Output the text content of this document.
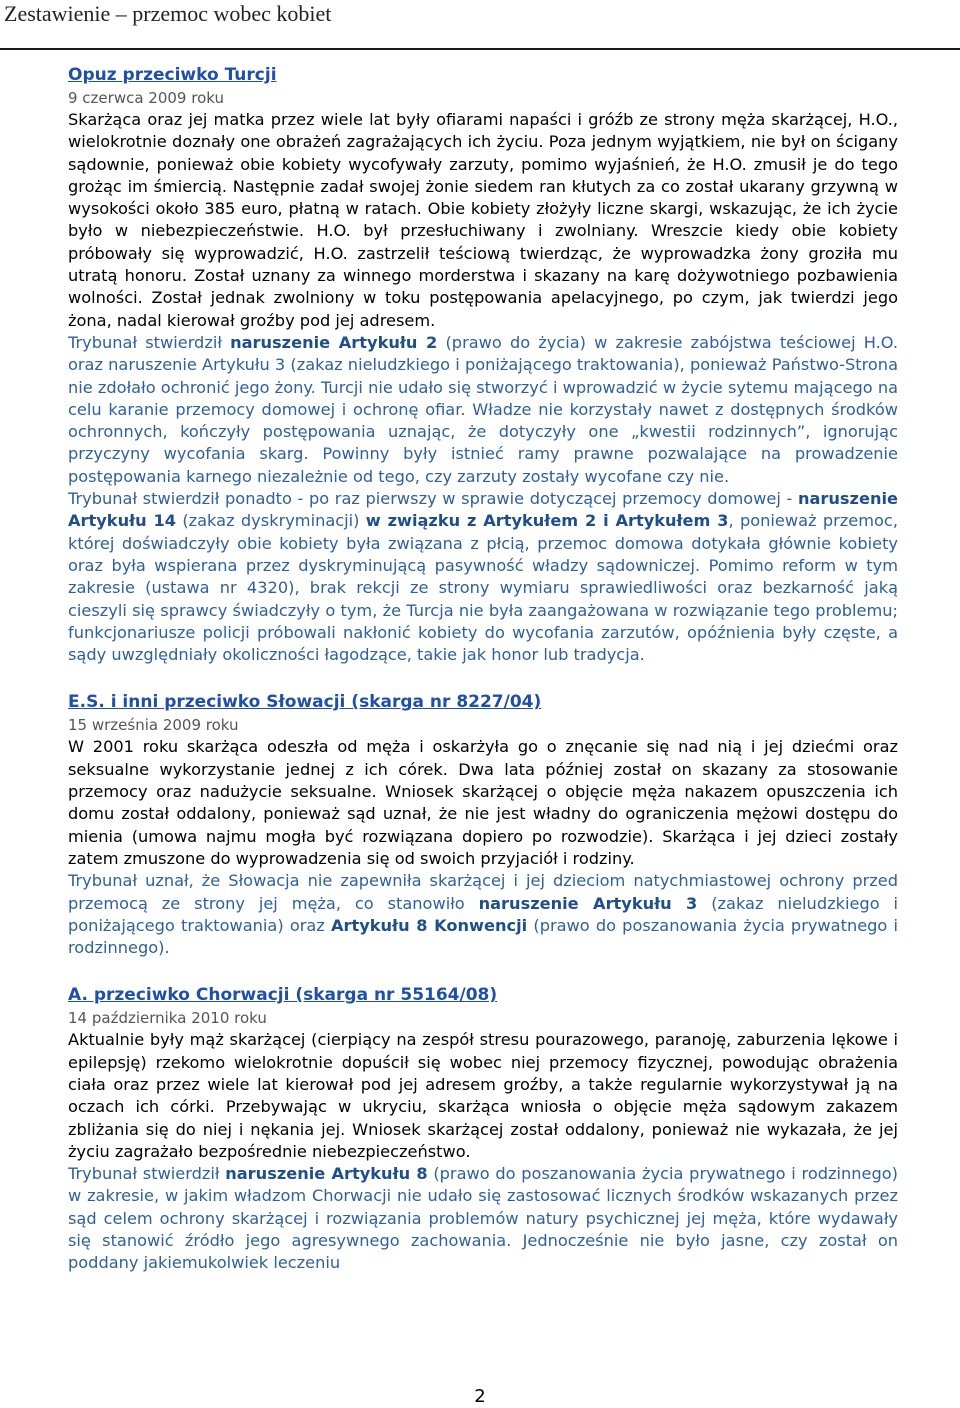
Zestawienie – przemoc wobec kobiet
Opuz przeciwko Turcji
9 czerwca 2009 roku

Skarżąca oraz jej matka przez wiele lat były ofiarami napaści i gróźb ze strony męża skarżącej, H.O., wielokrotnie doznały one obrażeń zagrażających ich życiu. Poza jednym wyjątkiem, nie był on ścigany sądownie, ponieważ obie kobiety wycofywały zarzuty, pomimo wyjaśnień, że H.O. zmusił je do tego grożąc im śmiercią. Następnie zadał swojej żonie siedem ran kłutych za co został ukarany grzywną w wysokości około 385 euro, płatną w ratach. Obie kobiety złożyły liczne skargi, wskazując, że ich życie było w niebezpieczeństwie. H.O. był przesłuchiwany i zwolniany. Wreszcie kiedy obie kobiety próbowały się wyprowadzić, H.O. zastrzelił teściową twierdząc, że wyprowadzka żony groziła mu utratą honoru. Został uznany za winnego morderstwa i skazany na karę dożywotniego pozbawienia wolności. Został jednak zwolniony w toku postępowania apelacyjnego, po czym, jak twierdzi jego żona, nadal kierował groźby pod jej adresem.

Trybunał stwierdził naruszenie Artykułu 2 (prawo do życia) w zakresie zabójstwa teściowej H.O. oraz naruszenie Artykułu 3 (zakaz nieludzkiego i poniżającego traktowania), ponieważ Państwo-Strona nie zdołało ochronić jego żony. Turcji nie udało się stworzyć i wprowadzić w życie sytemu mającego na celu karanie przemocy domowej i ochronę ofiar. Władze nie korzystały nawet z dostępnych środków ochronnych, kończyły postępowania uznając, że dotyczyły one „kwestii rodzinnych”, ignorując przyczyny wycofania skarg. Powinny były istnieć ramy prawne pozwalające na prowadzenie postępowania karnego niezależnie od tego, czy zarzuty zostały wycofane czy nie.

Trybunał stwierdził ponadto - po raz pierwszy w sprawie dotyczącej przemocy domowej - naruszenie Artykułu 14 (zakaz dyskryminacji) w związku z Artykułem 2 i Artykułem 3, ponieważ przemoc, której doświadczyły obie kobiety była związana z płcią, przemoc domowa dotykała głównie kobiety oraz była wspierana przez dyskryminującą pasywność władzy sądowniczej. Pomimo reform w tym zakresie (ustawa nr 4320), brak rekcji ze strony wymiaru sprawiedliwości oraz bezkarność jaką cieszyli się sprawcy świadczyły o tym, że Turcja nie była zaangażowana w rozwiązanie tego problemu; funkcjonariusze policji próbowali nakłonić kobiety do wycofania zarzutów, opóźnienia były częste, a sądy uwzględniały okoliczności łagodzące, takie jak honor lub tradycja.

E.S. i inni przeciwko Słowacji (skarga nr 8227/04)
15 września 2009 roku

W 2001 roku skarżąca odeszła od męża i oskarżyła go o znęcanie się nad nią i jej dziećmi oraz seksualne wykorzystanie jednej z ich córek. Dwa lata później został on skazany za stosowanie przemocy oraz nadużycie seksualne. Wniosek skarżącej o objęcie męża nakazem opuszczenia ich domu został oddalony, ponieważ sąd uznał, że nie jest władny do ograniczenia mężowi dostępu do mienia (umowa najmu mogła być rozwiązana dopiero po rozwodzie). Skarżąca i jej dzieci zostały zatem zmuszone do wyprowadzenia się od swoich przyjaciół i rodziny.

Trybunał uznał, że Słowacja nie zapewniła skarżącej i jej dzieciom natychmiastowej ochrony przed przemocą ze strony jej męża, co stanowiło naruszenie Artykułu 3 (zakaz nieludzkiego i poniżającego traktowania) oraz Artykułu 8 Konwencji (prawo do poszanowania życia prywatnego i rodzinnego).

A. przeciwko Chorwacji (skarga nr 55164/08)
14 października 2010 roku

Aktualnie były mąż skarżącej (cierpiący na zespół stresu pourazowego, paranoję, zaburzenia lękowe i epilepsję) rzekomo wielokrotnie dopuścił się wobec niej przemocy fizycznej, powodując obrażenia ciała oraz przez wiele lat kierował pod jej adresem groźby, a także regularnie wykorzystywał ją na oczach ich córki. Przebywając w ukryciu, skarżąca wniosła o objęcie męża sądowym zakazem zbliżania się do niej i nękania jej. Wniosek skarżącej został oddalony, ponieważ nie wykazała, że jej życiu zagrażało bezpośrednie niebezpieczeństwo.

Trybunał stwierdził naruszenie Artykułu 8 (prawo do poszanowania życia prywatnego i rodzinnego) w zakresie, w jakim władzom Chorwacji nie udało się zastosować licznych środków wskazanych przez sąd celem ochrony skarżącej i rozwiązania problemów natury psychicznej jej męża, które wydawały się stanowić źródło jego agresywnego zachowania. Jednocześnie nie było jasne, czy został on poddany jakiemukolwiek leczeniu

2
